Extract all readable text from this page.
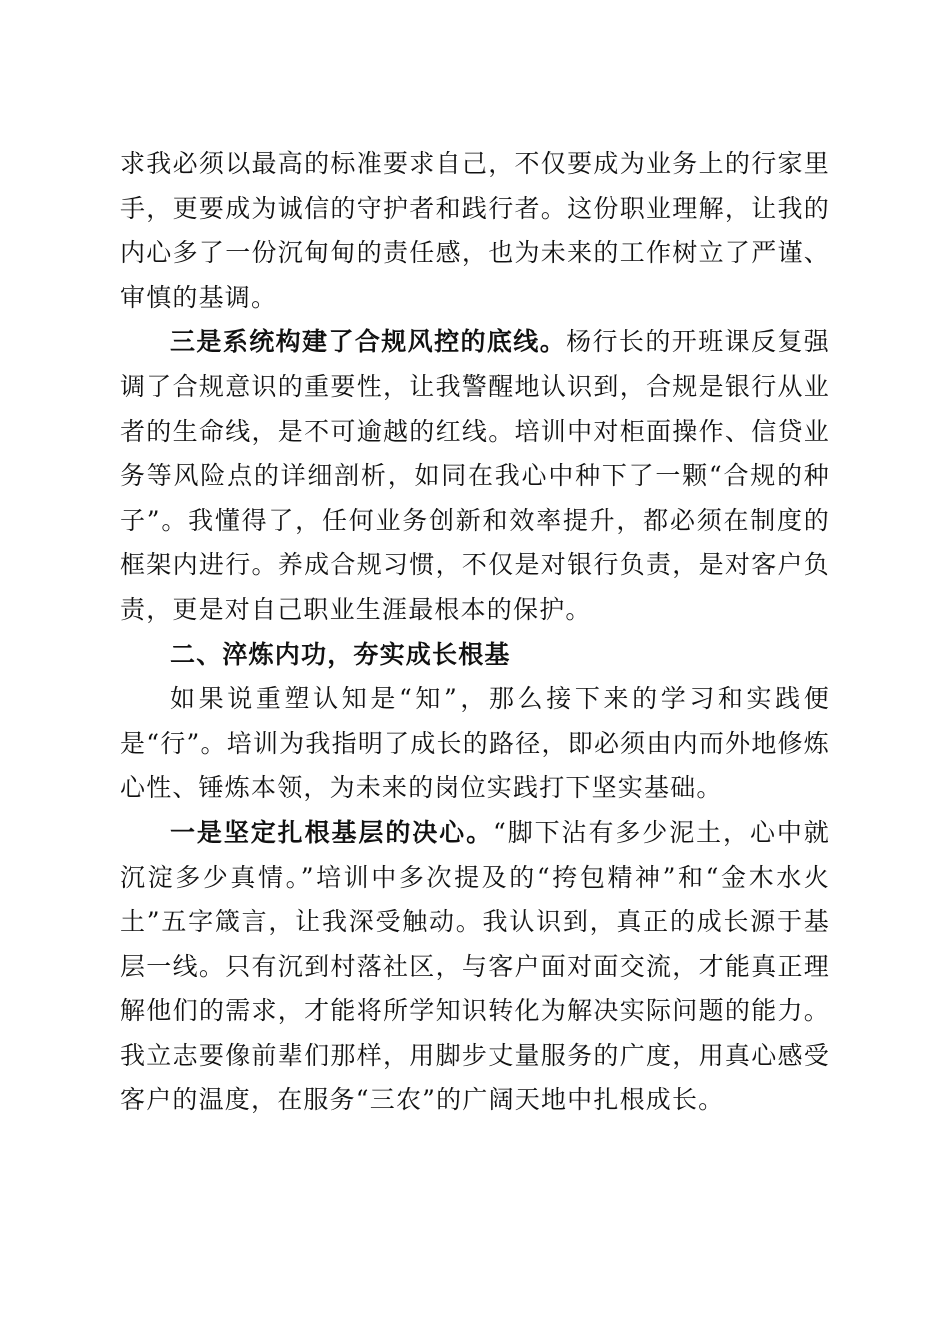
求我必须以最高的标准要求自己，不仅要成为业务上的行家里手，更要成为诚信的守护者和践行者。这份职业理解，让我的内心多了一份沉甸甸的责任感，也为未来的工作树立了严谨、审慎的基调。

三是系统构建了合规风控的底线。杨行长的开班课反复强调了合规意识的重要性，让我警醒地认识到，合规是银行从业者的生命线，是不可逾越的红线。培训中对柜面操作、信贷业务等风险点的详细剖析，如同在我心中种下了一颗“合规的种子”。我懂得了，任何业务创新和效率提升，都必须在制度的框架内进行。养成合规习惯，不仅是对银行负责，是对客户负责，更是对自己职业生涯最根本的保护。

二、淬炼内功，夯实成长根基

如果说重塑认知是“知”，那么接下来的学习和实践便是“行”。培训为我指明了成长的路径，即必须由内而外地修炼心性、锤炼本领，为未来的岗位实践打下坚实基础。

一是坚定扎根基层的决心。“脚下沾有多少泥土，心中就沉淀多少真情。”培训中多次提及的“挎包精神”和“金木水火土”五字箴言，让我深受触动。我认识到，真正的成长源于基层一线。只有沉到村落社区，与客户面对面交流，才能真正理解他们的需求，才能将所学知识转化为解决实际问题的能力。我立志要像前辈们那样，用脚步丈量服务的广度，用真心感受客户的温度，在服务“三农”的广阔天地中扎根成长。
